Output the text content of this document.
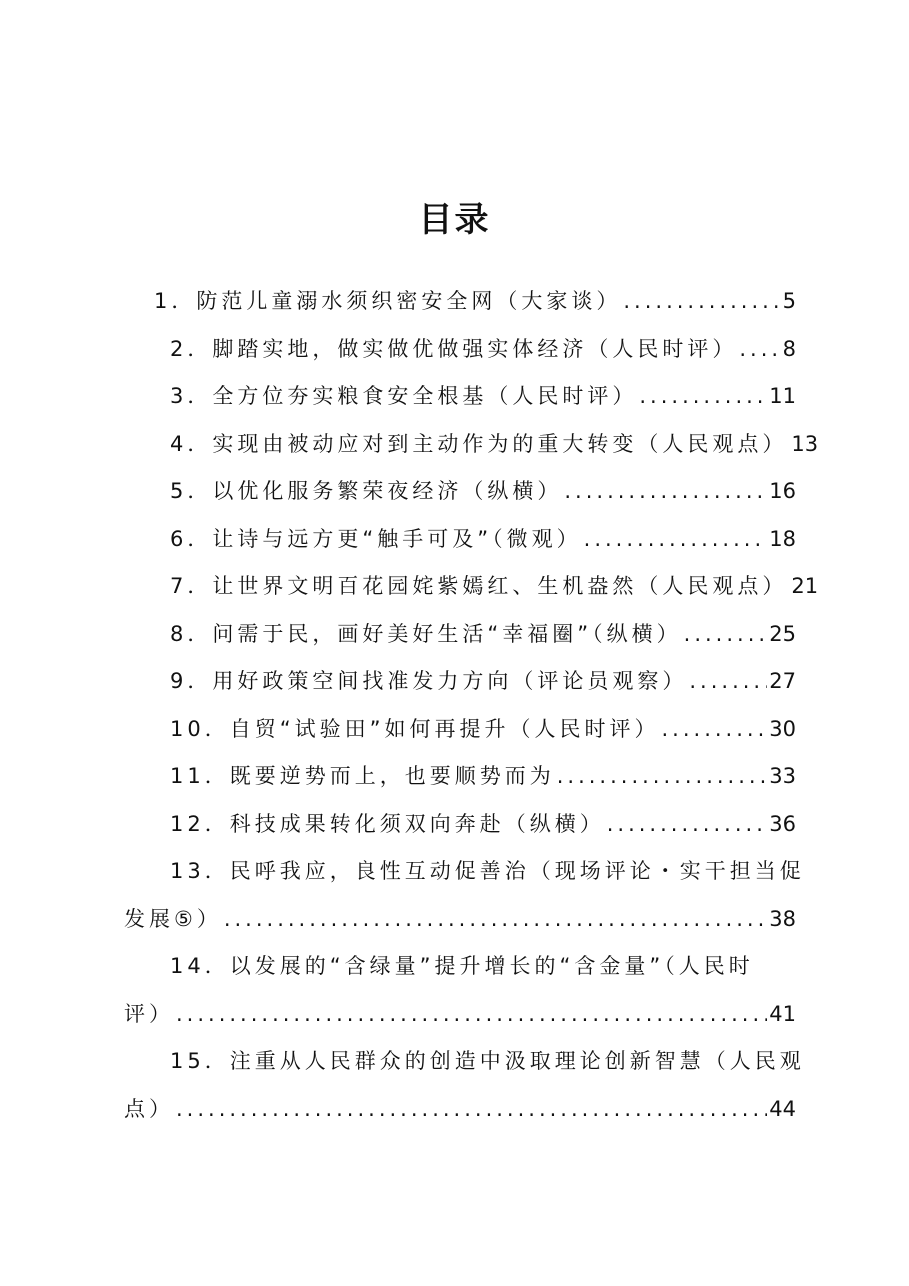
目录
1．防范儿童溺水须织密安全网（大家谈） .....	5
2．脚踏实地，做实做优做强实体经济（人民时评） ..... 8
3．全方位夯实粮食安全根基（人民时评） .....	11
4．实现由被动应对到主动作为的重大转变（人民观点） 13
5．以优化服务繁荣夜经济（纵横） .....	16
6．让诗与远方更“触手可及”（微观） .....	18
7．让世界文明百花园姹紫嫣红、生机盎然（人民观点） 21
8．问需于民，画好美好生活“幸福圈”（纵横） .....	25
9．用好政策空间找准发力方向（评论员观察） .....	27
10．自贸“试验田”如何再提升（人民时评） .....	30
11．既要逆势而上，也要顺势而为 .....	33
12．科技成果转化须双向奔赴（纵横） .....	36
13．民呼我应，良性互动促善治（现场评论・实干担当促
发展⑤） .....	38
14．以发展的“含绿量”提升增长的“含金量”（人民时
评） .....	41
15．注重从人民群众的创造中汲取理论创新智慧（人民观
点） .....	44
